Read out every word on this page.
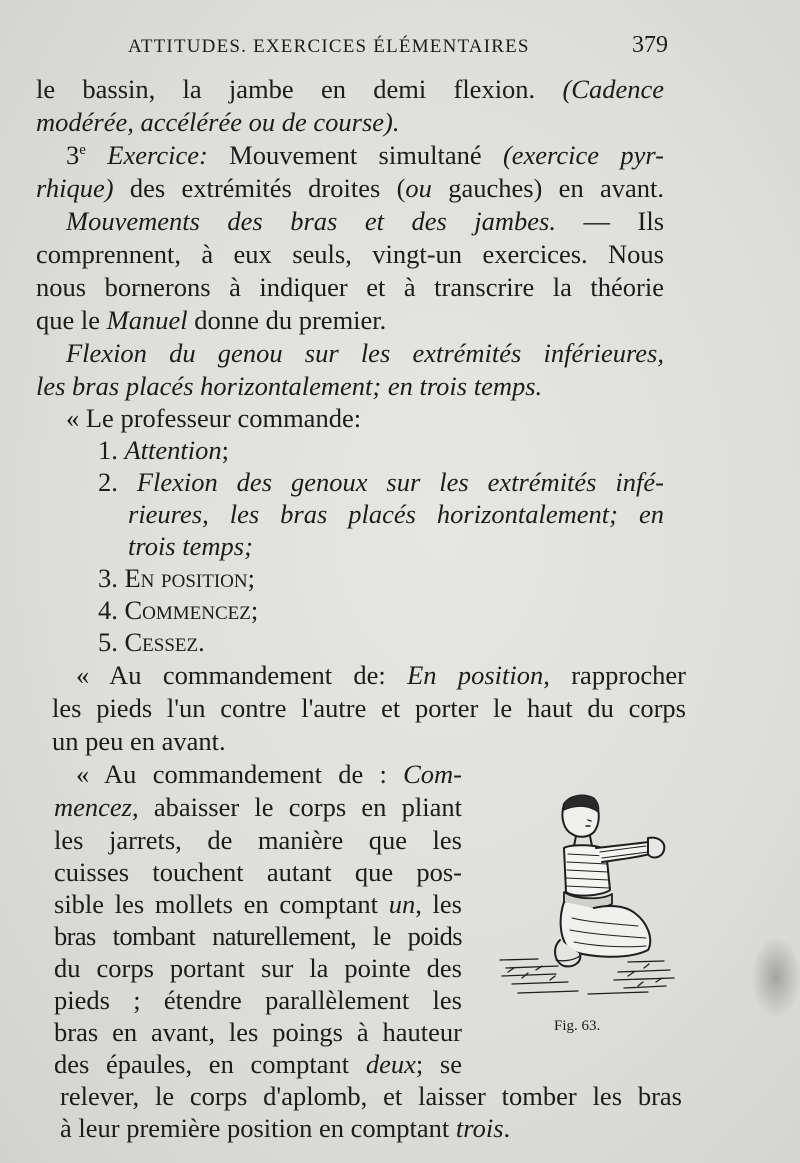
ATTITUDES. EXERCICES ÉLÉMENTAIRES	379
le bassin, la jambe en demi flexion. (Cadence
modérée, accélérée ou de course).
3e Exercice: Mouvement simultané (exercice pyr-
rhique) des extrémités droites (ou gauches) en avant.
Mouvements des bras et des jambes. — Ils
comprennent, à eux seuls, vingt-un exercices. Nous
nous bornerons à indiquer et à transcrire la théorie
que le Manuel donne du premier.
Flexion du genou sur les extrémités inférieures,
les bras placés horizontalement; en trois temps.
« Le professeur commande:
1. Attention;
2. Flexion des genoux sur les extrémités infé-
rieures, les bras placés horizontalement; en
trois temps;
3. En position;
4. Commencez;
5. Cessez.
« Au commandement de: En position, rapprocher
les pieds l'un contre l'autre et porter le haut du corps
un peu en avant.
« Au commandement de : Com-
mencez, abaisser le corps en pliant
les jarrets, de manière que les
cuisses touchent autant que pos-
sible les mollets en comptant un, les
bras tombant naturellement, le poids
du corps portant sur la pointe des
pieds ; étendre parallèlement les
bras en avant, les poings à hauteur
des épaules, en comptant deux; se
relever, le corps d'aplomb, et laisser tomber les bras
à leur première position en comptant trois.
Fig. 63.
